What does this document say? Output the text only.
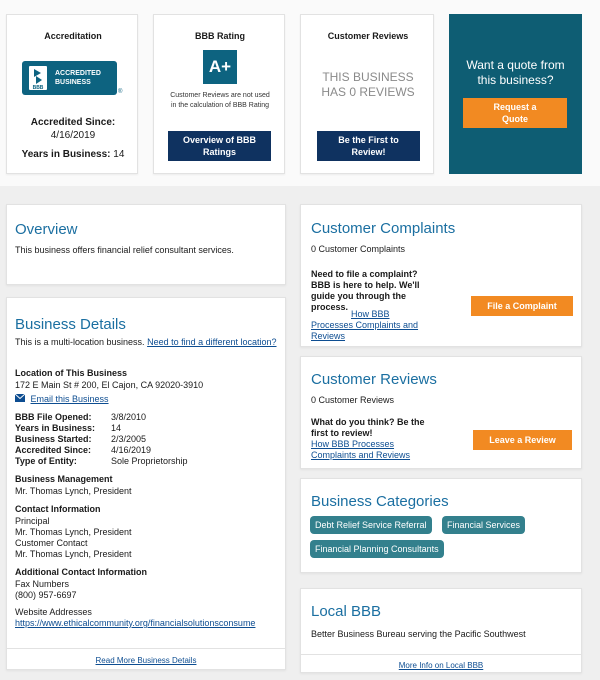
Accreditation
BBB
ACCREDITED
BUSINESS
®
Accredited Since:
4/16/2019
Years in Business: 14
BBB Rating
A+
Customer Reviews are not used in the calculation of BBB Rating
Overview of BBB Ratings
Customer Reviews
THIS BUSINESS HAS 0 REVIEWS
Be the First to Review!
Want a quote from this business?
Request a Quote
Overview
This business offers financial relief consultant services.
Business Details
This is a multi-location business. Need to find a different location?
Location of This Business
172 E Main St # 200, El Cajon, CA 92020-3910
Email this Business
BBB File Opened: 3/8/2010
Years in Business: 14
Business Started: 2/3/2005
Accredited Since: 4/16/2019
Type of Entity:	Sole Proprietorship
Business Management
Mr. Thomas Lynch, President
Contact Information
Principal
Mr. Thomas Lynch, President
Customer Contact
Mr. Thomas Lynch, President
Additional Contact Information
Fax Numbers
(800) 957-6697
Website Addresses
https://www.ethicalcommunity.org/financialsolutionsconsume
Read More Business Details
Customer Complaints
0 Customer Complaints
Need to file a complaint? BBB is here to help. We'll guide you through the process.
How BBB Processes Complaints and Reviews
File a Complaint
Customer Reviews
0 Customer Reviews
What do you think? Be the first to review!
How BBB Processes Complaints and Reviews
Leave a Review
Business Categories
Debt Relief Service Referral	Financial Services
Financial Planning Consultants
Local BBB
Better Business Bureau serving the Pacific Southwest
More Info on Local BBB
